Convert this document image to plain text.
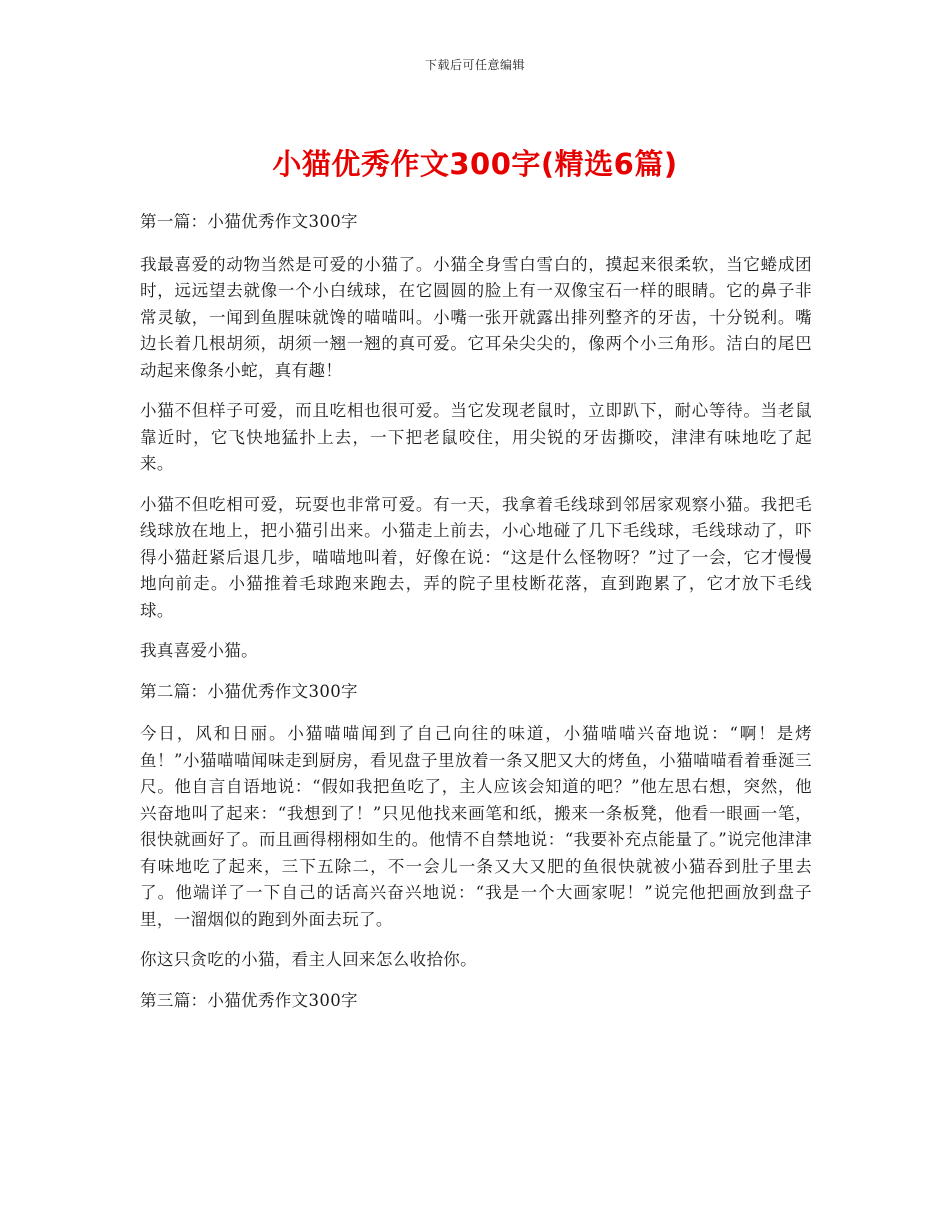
下载后可任意编辑
小猫优秀作文300字(精选6篇)

第一篇：小猫优秀作文300字

我最喜爱的动物当然是可爱的小猫了。小猫全身雪白雪白的，摸起来很柔软，当它蜷成团时，远远望去就像一个小白绒球，在它圆圆的脸上有一双像宝石一样的眼睛。它的鼻子非常灵敏，一闻到鱼腥味就馋的喵喵叫。小嘴一张开就露出排列整齐的牙齿，十分锐利。嘴边长着几根胡须，胡须一翘一翘的真可爱。它耳朵尖尖的，像两个小三角形。洁白的尾巴动起来像条小蛇，真有趣！

小猫不但样子可爱，而且吃相也很可爱。当它发现老鼠时，立即趴下，耐心等待。当老鼠靠近时，它飞快地猛扑上去，一下把老鼠咬住，用尖锐的牙齿撕咬，津津有味地吃了起来。

小猫不但吃相可爱，玩耍也非常可爱。有一天，我拿着毛线球到邻居家观察小猫。我把毛线球放在地上，把小猫引出来。小猫走上前去，小心地碰了几下毛线球，毛线球动了，吓得小猫赶紧后退几步，喵喵地叫着，好像在说：“这是什么怪物呀？”过了一会，它才慢慢地向前走。小猫推着毛球跑来跑去，弄的院子里枝断花落，直到跑累了，它才放下毛线球。

我真喜爱小猫。

第二篇：小猫优秀作文300字

今日，风和日丽。小猫喵喵闻到了自己向往的味道，小猫喵喵兴奋地说：“啊！是烤鱼！”小猫喵喵闻味走到厨房，看见盘子里放着一条又肥又大的烤鱼，小猫喵喵看着垂涎三尺。他自言自语地说：“假如我把鱼吃了，主人应该会知道的吧？”他左思右想，突然，他兴奋地叫了起来：“我想到了！”只见他找来画笔和纸，搬来一条板凳，他看一眼画一笔，很快就画好了。而且画得栩栩如生的。他情不自禁地说：“我要补充点能量了。”说完他津津有味地吃了起来，三下五除二，不一会儿一条又大又肥的鱼很快就被小猫吞到肚子里去了。他端详了一下自己的话高兴奋兴地说：“我是一个大画家呢！”说完他把画放到盘子里，一溜烟似的跑到外面去玩了。

你这只贪吃的小猫，看主人回来怎么收拾你。

第三篇：小猫优秀作文300字
